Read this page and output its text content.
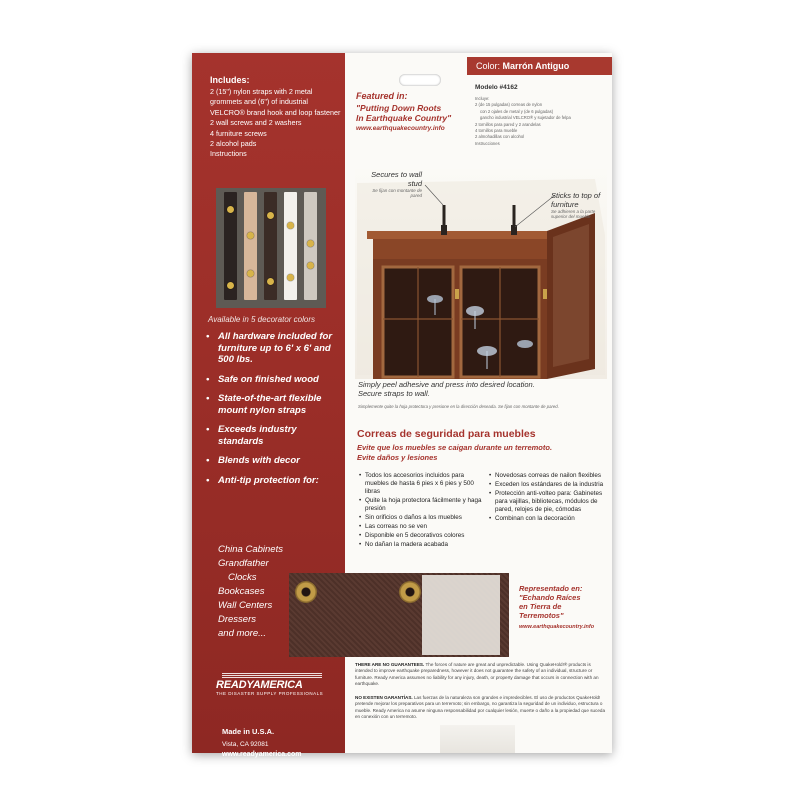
Includes:
2 (15") nylon straps with 2 metal
grommets and (6") of industrial
VELCRO® brand hook and loop fastener
2 wall screws and 2 washers
4 furniture screws
2 alcohol pads
Instructions
Available in 5 decorator colors
• All hardware included for furniture up to 6' x 6' and 500 lbs.
• Safe on finished wood
• State-of-the-art flexible mount nylon straps
• Exceeds industry standards
• Blends with decor
• Anti-tip protection for:
China Cabinets
Grandfather
Clocks
Bookcases
Wall Centers
Dressers
and more...
READYAMERICA
THE DISASTER SUPPLY PROFESSIONALS
Made in U.S.A.
Vista, CA 92081
www.readyamerica.com
Color: Marrón Antiguo
Modelo #4162
Incluye:
2 (de 15 pulgadas) correas de nylon
con 2 ojales de metal y (de 6 pulgadas)
gancho industrial VELCRO® y sujetador de felpa
2 tornillos para pared y 2 arandelas
4 tornillos para mueble
2 almohadillas con alcohol
Instrucciones
Featured in:
"Putting Down Roots
In Earthquake Country"
www.earthquakecountry.info
Secures to wall stud
Se fijan con montante de pared	Sticks to top of furniture
Se adhieren a la parte superior del mueble
Simply peel adhesive and press into desired location.
Secure straps to wall.
Simplemente quite la hoja protectora y presione en la dirección deseada. Se fijan con montante de pared.
Correas de seguridad para muebles
Evite que los muebles se caigan durante un terremoto.
Evite daños y lesiones
• Todos los accesorios incluidos para muebles de hasta 6 pies x 6 pies y 500 libras
• Quite la hoja protectora fácilmente y haga presión
• Sin orificios o daños a los muebles
• Las correas no se ven
• Disponible en 5 decorativos colores
• No dañan la madera acabada
• Novedosas correas de nailon flexibles
• Exceden los estándares de la industria
• Protección anti-volteo para: Gabinetes para vajillas, bibliotecas, módulos de pared, relojes de pie, cómodas
• Combinan con la decoración
Representado en:
"Echando Raíces
en Tierra de
Terremotos"
www.earthquakecountry.info
THERE ARE NO GUARANTEES. The forces of nature are great and unpredictable. Using QuakeHold!® products is intended to improve earthquake preparedness, however it does not guarantee the safety of an individual, structure or furniture. Ready America assumes no liability for any injury, death, or property damage that occurs in connection with an earthquake.
NO EXISTEN GARANTÍAS. Las fuerzas de la naturaleza son grandes e impredecibles. El uso de productos QuakeHold! pretende mejorar los preparativos para un terremoto; sin embargo, no garantiza la seguridad de un individuo, estructura o mueble. Ready America no asume ninguna responsabilidad por cualquier lesión, muerte o daño a la propiedad que suceda en conexión con un terremoto.
